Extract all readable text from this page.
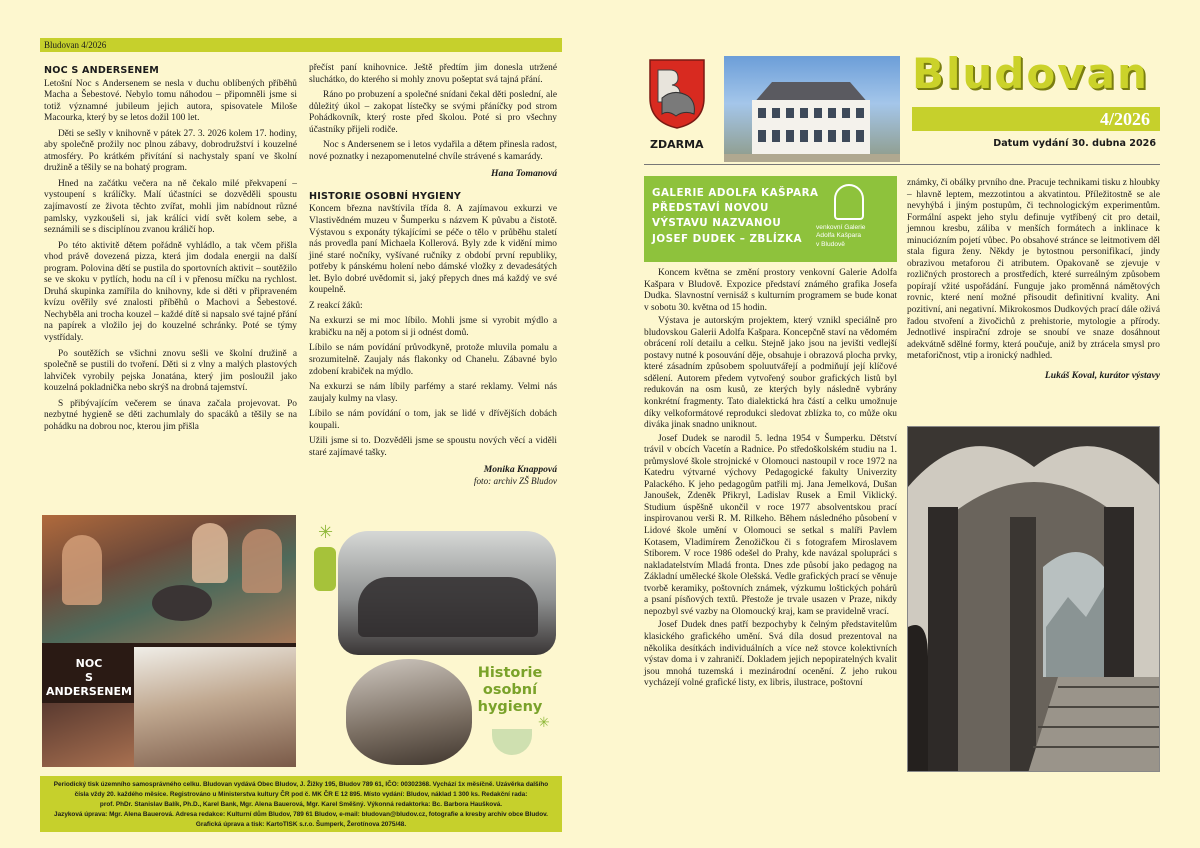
Bludovan 4/2026
NOC S ANDERSENEM

Letošní Noc s Andersenem se nesla v duchu oblíbených příběhů Macha a Šebestové. Nebylo tomu náhodou – připomněli jsme si totiž významné jubileum jejich autora, spisovatele Miloše Macourka, který by se letos dožil 100 let.

Děti se sešly v knihovně v pátek 27. 3. 2026 kolem 17. hodiny, aby společně prožily noc plnou zábavy, dobrodružství i kouzelné atmosféry. Po krátkém přivítání si nachystaly spaní ve školní družině a těšily se na bohatý program.

Hned na začátku večera na ně čekalo milé překvapení – vystoupení s králíčky. Malí účastníci se dozvěděli spoustu zajímavostí ze života těchto zvířat, mohli jim nabídnout různé pamlsky, vyzkoušeli si, jak králíci vidí svět kolem sebe, a seznámili se s disciplínou zvanou králičí hop.

Po této aktivitě dětem pořádně vyhládlo, a tak včem přišla vhod právě dovezená pizza, která jim dodala energii na další program. Polovina dětí se pustila do sportovních aktivit – soutěžilo se ve skoku v pytlích, hodu na cíl i v přenosu míčku na rychlost. Druhá skupinka zamířila do knihovny, kde si děti v připraveném kvízu ověřily své znalosti příběhů o Machovi a Šebestové. Nechyběla ani trocha kouzel – každé dítě si napsalo své tajné přání na papírek a vložilo jej do kouzelné schránky. Poté se týmy vystřídaly.

Po soutěžích se všichni znovu sešli ve školní družině a společně se pustili do tvoření. Děti si z vlny a malých plastových lahviček vyrobily pejska Jonatána, který jim posloužil jako kouzelná pokladnička nebo skrýš na drobná tajemství.

S přibývajícím večerem se únava začala projevovat. Po nezbytné hygieně se děti zachumlaly do spacáků a těšily se na pohádku na dobrou noc, kterou jim přišla

přečíst paní knihovnice. Ještě předtím jim donesla utržené sluchátko, do kterého si mohly znovu pošeptat svá tajná přání.

Ráno po probuzení a společné snídani čekal děti poslední, ale důležitý úkol – zakopat lístečky se svými přáníčky pod strom Pohádkovník, který roste před školou. Poté si pro všechny účastníky přijeli rodiče.

Noc s Andersenem se i letos vydařila a dětem přinesla radost, nové poznatky i nezapomenutelné chvíle strávené s kamarády.

Hana Tomanová
HISTORIE OSOBNÍ HYGIENY

Koncem března navštívila třída 8. A zajímavou exkurzi ve Vlastivědném muzeu v Šumperku s názvem K půvabu a čistotě. Výstavou s exponáty týkajícími se péče o tělo v průběhu staletí nás provedla paní Michaela Kollerová. Byly zde k vidění mimo jiné staré nočníky, vyšívané ručníky z období první republiky, potřeby k pánskému holení nebo dámské vložky z devadesátých let. Bylo dobré uvědomit si, jaký přepych dnes má každý ve své koupelně.

Z reakcí žáků:

Na exkurzi se mi moc líbilo. Mohli jsme si vyrobit mýdlo a krabičku na něj a potom si ji odnést domů.

Líbilo se nám povídání průvodkyně, protože mluvila pomalu a srozumitelně. Zaujaly nás flakonky od Chanelu. Zábavné bylo zdobení krabiček na mýdlo.

Na exkurzi se nám líbily parfémy a staré reklamy. Velmi nás zaujaly kulmy na vlasy.

Líbilo se nám povídání o tom, jak se lidé v dřívějších dobách koupali.

Užili jsme si to. Dozvěděli jsme se spoustu nových věcí a viděli staré zajímavé tašky.

Monika Knappová
foto: archiv ZŠ Bludov
NOC
S ANDERSENEM
✳
Historie
osobní
hygieny
✳
Periodický tisk územního samosprávného celku. Bludovan vydává Obec Bludov, J. Žižky 195, Bludov 789 61, IČO: 00302368. Vychází 1x měsíčně. Uzávěrka dalšího
čísla vždy 20. každého měsíce. Registrováno u Ministerstva kultury ČR pod č. MK ČR E 12 895. Místo vydání: Bludov, náklad 1 300 ks. Redakční rada:
prof. PhDr. Stanislav Balík, Ph.D., Karel Bank, Mgr. Alena Bauerová, Mgr. Karel Směšný. Výkonná redaktorka: Bc. Barbora Haušková.
Jazyková úprava: Mgr. Alena Bauerová. Adresa redakce: Kulturní dům Bludov, 789 61 Bludov, e-mail: bludovan@bludov.cz, fotografie a kresby archiv obce Bludov.
Grafická úprava a tisk: KartoTISK s.r.o. Šumperk, Žerotínova 2075/48.
ZDARMA
Bludovan
4/2026
Datum vydání 30. dubna 2026
GALERIE ADOLFA KAŠPARA
PŘEDSTAVÍ NOVOU
VÝSTAVU NAZVANOU
JOSEF DUDEK – ZBLÍZKA
venkovní Galerie
Adolfa Kašpara
v Bludově

Koncem května se změní prostory venkovní Galerie Adolfa Kašpara v Bludově. Expozice představí známého grafika Josefa Dudka. Slavnostní vernisáž s kulturním programem se bude konat v sobotu 30. května od 15 hodin.

Výstava je autorským projektem, který vznikl speciálně pro bludovskou Galerii Adolfa Kašpara. Koncepčně staví na vědomém obrácení rolí detailu a celku. Stejně jako jsou na jevišti vedlejší postavy nutné k posouvání děje, obsahuje i obrazová plocha prvky, které zásadním způsobem spoluutvářejí a podmiňují její klíčové sdělení. Autorem předem vytvořený soubor grafických listů byl redukován na osm kusů, ze kterých byly následně vybrány konkrétní fragmenty. Tato dialektická hra částí a celku umožnuje díky velkoformátové reprodukci sledovat zblízka to, co může oku diváka jinak snadno uniknout.

Josef Dudek se narodil 5. ledna 1954 v Šumperku. Dětství trávil v obcích Vacetín a Radnice. Po středoškolském studiu na 1. průmyslové škole strojnické v Olomouci nastoupil v roce 1972 na Katedru výtvarné výchovy Pedagogické fakulty Univerzity Palackého. K jeho pedagogům patřili mj. Jana Jemelková, Dušan Janoušek, Zdeněk Přikryl, Ladislav Rusek a Emil Viklický. Studium úspěšně ukončil v roce 1977 absolventskou prací inspirovanou verši R. M. Rilkeho. Během následného působení v Lidové škole umění v Olomouci se setkal s malíři Pavlem Kotasem, Vladimírem Ženožičkou či s fotografem Miroslavem Stiborem. V roce 1986 odešel do Prahy, kde navázal spolupráci s nakladatelstvím Mladá fronta. Dnes zde působí jako pedagog na Základní umělecké škole Olešská. Vedle grafických prací se věnuje tvorbě keramiky, poštovních známek, výzkumu loštických pohárů a psaní písňových textů. Přestože je trvale usazen v Praze, nikdy nepozbyl své vazby na Olomoucký kraj, kam se pravidelně vrací.

Josef Dudek dnes patří bezpochyby k čelným představitelům klasického grafického umění. Svá díla dosud prezentoval na několika desítkách individuálních a více než stovce kolektivních výstav doma i v zahraničí. Dokladem jejich nepopiratelných kvalit jsou mnohá tuzemská i mezinárodní ocenění. Z jeho rukou vycházejí volné grafické listy, ex libris, ilustrace, poštovní

známky, či obálky prvního dne. Pracuje technikami tisku z hloubky – hlavně leptem, mezzotintou a akvatintou. Příležitostně se ale nevyhýbá i jiným postupům, či technologickým experimentům. Formální aspekt jeho stylu definuje vytříbený cit pro detail, jemnou kresbu, záliba v menších formátech a inklinace k minuciózním pojetí vůbec. Po obsahové stránce se leitmotivem děl stala figura ženy. Někdy je bytostnou personifikací, jindy obrazivou metaforou či atributem. Opakovaně se zjevuje v rozličných prostorech a prostředích, které surreálným způsobem popírají vžité uspořádání. Funguje jako proměnná námětových rovnic, které není možné přisoudit definitivní kvality. Ani pozitivní, ani negativní. Mikrokosmos Dudkových prací dále oživá řadou stvoření a živočichů z prehistorie, mytologie a přírody. Jednotlivé inspirační zdroje se snoubí ve snaze dosáhnout adekvátně sdělné formy, která poučuje, aniž by ztrácela smysl pro metaforičnost, vtip a ironický nadhled.

Lukáš Koval, kurátor výstavy
